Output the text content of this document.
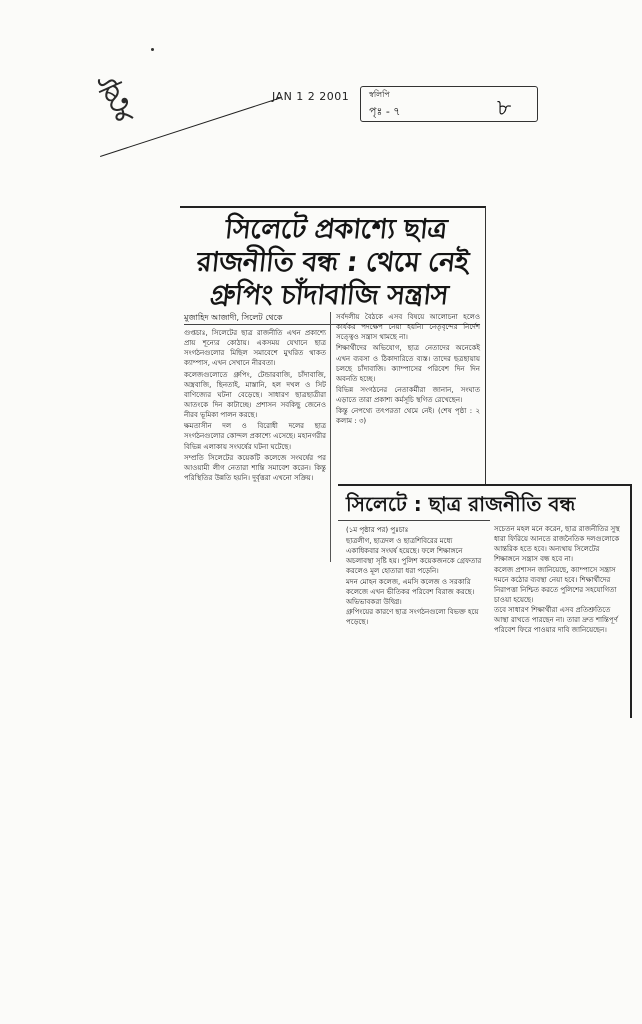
ষ্টু	JAN 1 2 2001 স্বলিপি
পৃঃ - ৭	৮
সিলেটে প্রকাশ্যে ছাত্র
রাজনীতি বন্ধ : থেমে নেই
গ্রুপিং চাঁদাবাজি সন্ত্রাস
মুজাহিদ আজাদী, সিলেট থেকে
গুপ্তচাঃ, সিলেটের ছাত্র রাজনীতি এখন প্রকাশ্যে প্রায় শূন্যের কোঠায়। একসময় যেখানে ছাত্র সংগঠনগুলোর মিছিল সমাবেশে মুখরিত থাকত ক্যাম্পাস, এখন সেখানে নীরবতা।
কলেজগুলোতে গ্রুপিং, টেন্ডারবাজি, চাঁদাবাজি, অস্ত্রবাজি, ছিনতাই, মাস্তানি, হল দখল ও সিট বাণিজ্যের ঘটনা বেড়েছে। সাধারণ ছাত্রছাত্রীরা আতংকে দিন কাটাচ্ছে। প্রশাসন সবকিছু জেনেও নীরব ভূমিকা পালন করছে।
ক্ষমতাসীন দল ও বিরোধী দলের ছাত্র সংগঠনগুলোর কোন্দল প্রকাশ্যে এসেছে। মহানগরীর বিভিন্ন এলাকায় সংঘর্ষের ঘটনা ঘটেছে।
সম্প্রতি সিলেটের কয়েকটি কলেজে সংঘর্ষের পর আওয়ামী লীগ নেতারা শান্তি সমাবেশ করেন। কিন্তু পরিস্থিতির উন্নতি হয়নি। দুর্বৃত্তরা এখনো সক্রিয়।
সর্বদলীয় বৈঠকে এসব বিষয়ে আলোচনা হলেও কার্যকর পদক্ষেপ নেয়া হয়নি। নেতৃবৃন্দের নির্দেশ সত্ত্বেও সন্ত্রাস থামছে না।
শিক্ষার্থীদের অভিযোগ, ছাত্র নেতাদের অনেকেই এখন ব্যবসা ও ঠিকাদারিতে ব্যস্ত। তাদের ছত্রছায়ায় চলছে চাঁদাবাজি। ক্যাম্পাসের পরিবেশ দিন দিন অবনতি হচ্ছে।
বিভিন্ন সংগঠনের নেতাকর্মীরা জানান, সংঘাত এড়াতে তারা প্রকাশ্য কর্মসূচি স্থগিত রেখেছেন।
কিন্তু নেপথ্যে তৎপরতা থেমে নেই। (শেষ পৃষ্ঠা : ২ কলাম : ৩)
সিলেটে : ছাত্র রাজনীতি বন্ধ
(১ম পৃষ্ঠার পর) পুঃচাঃ
ছাত্রলীগ, ছাত্রদল ও ছাত্রশিবিরের মধ্যে একাধিকবার সংঘর্ষ হয়েছে। ফলে শিক্ষাঙ্গনে অচলাবস্থা সৃষ্টি হয়। পুলিশ কয়েকজনকে গ্রেফতার করলেও মূল হোতারা ধরা পড়েনি।
মদন মোহন কলেজ, এমসি কলেজ ও সরকারি কলেজে এখন ভীতিকর পরিবেশ বিরাজ করছে। অভিভাবকরা উদ্বিগ্ন।
গ্রুপিংয়ের কারণে ছাত্র সংগঠনগুলো বিভক্ত হয়ে পড়েছে।
সচেতন মহল মনে করেন, ছাত্র রাজনীতির সুস্থ ধারা ফিরিয়ে আনতে রাজনৈতিক দলগুলোকে আন্তরিক হতে হবে। অন্যথায় সিলেটের শিক্ষাঙ্গনে সন্ত্রাস বন্ধ হবে না।
কলেজ প্রশাসন জানিয়েছে, ক্যাম্পাসে সন্ত্রাস দমনে কঠোর ব্যবস্থা নেয়া হবে। শিক্ষার্থীদের নিরাপত্তা নিশ্চিত করতে পুলিশের সহযোগিতা চাওয়া হয়েছে।
তবে সাধারণ শিক্ষার্থীরা এসব প্রতিশ্রুতিতে আস্থা রাখতে পারছেন না। তারা দ্রুত শান্তিপূর্ণ পরিবেশ ফিরে পাওয়ার দাবি জানিয়েছেন।
